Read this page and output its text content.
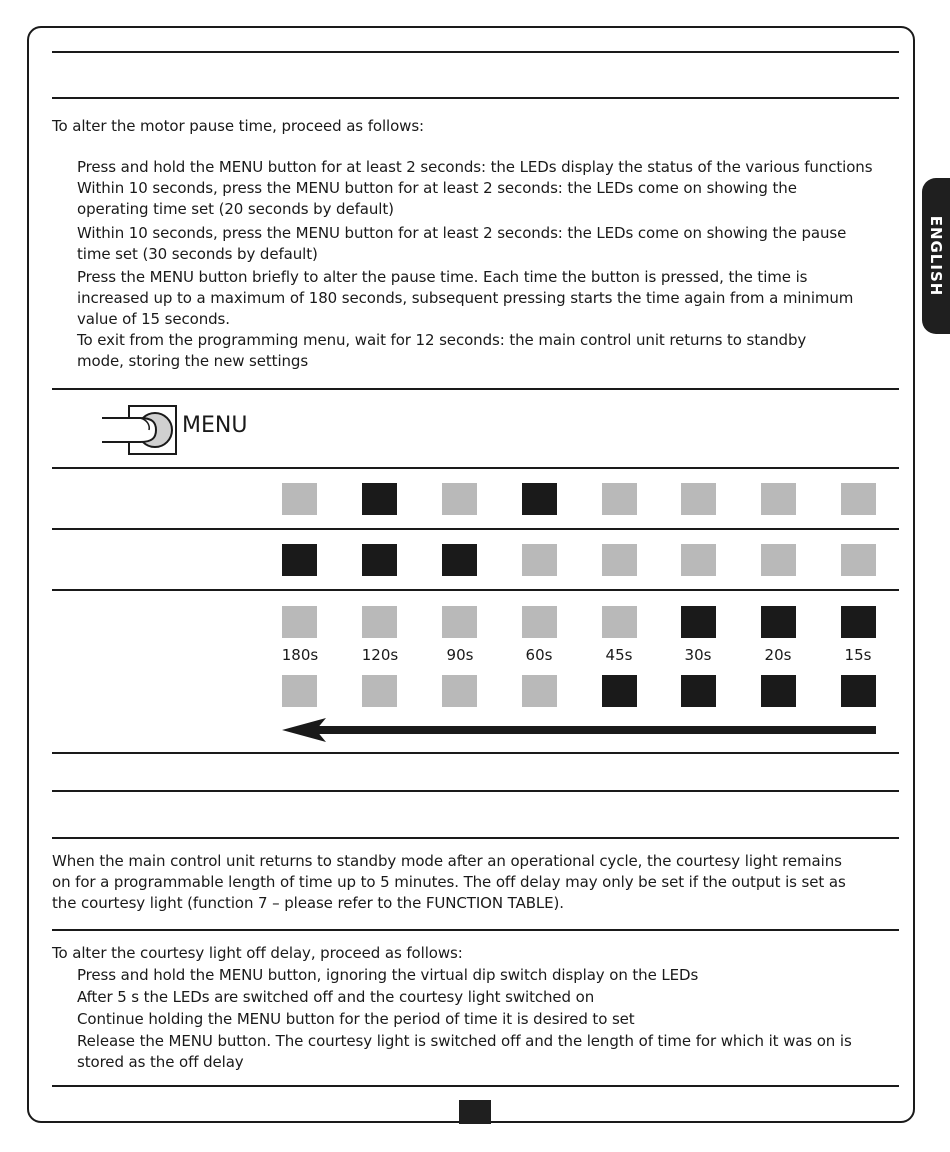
ENGLISH
To alter the motor pause time, proceed as follows:
Press and hold the MENU button for at least 2 seconds: the LEDs display the status of the various functions
Within 10 seconds, press the MENU button for at least 2 seconds: the LEDs come on showing the
operating time set (20 seconds by default)
Within 10 seconds, press the MENU button for at least 2 seconds: the LEDs come on showing the pause
time set (30 seconds by default)
Press the MENU button briefly to alter the pause time. Each time the button is pressed, the time is
increased up to a maximum of 180 seconds, subsequent pressing starts the time again from a minimum
value of 15 seconds.
To exit from the programming menu, wait for 12 seconds: the main control unit returns to standby
mode, storing the new settings
MENU
180s	120s	90s	60s	45s	30s	20s	15s
When the main control unit returns to standby mode after an operational cycle, the courtesy light remains
on for a programmable length of time up to 5 minutes. The off delay may only be set if the output is set as
the courtesy light (function 7 – please refer to the FUNCTION TABLE).
To alter the courtesy light off delay, proceed as follows:
Press and hold the MENU button, ignoring the virtual dip switch display on the LEDs
After 5 s the LEDs are switched off and the courtesy light switched on
Continue holding the MENU button for the period of time it is desired to set
Release the MENU button. The courtesy light is switched off and the length of time for which it was on is
stored as the off delay
